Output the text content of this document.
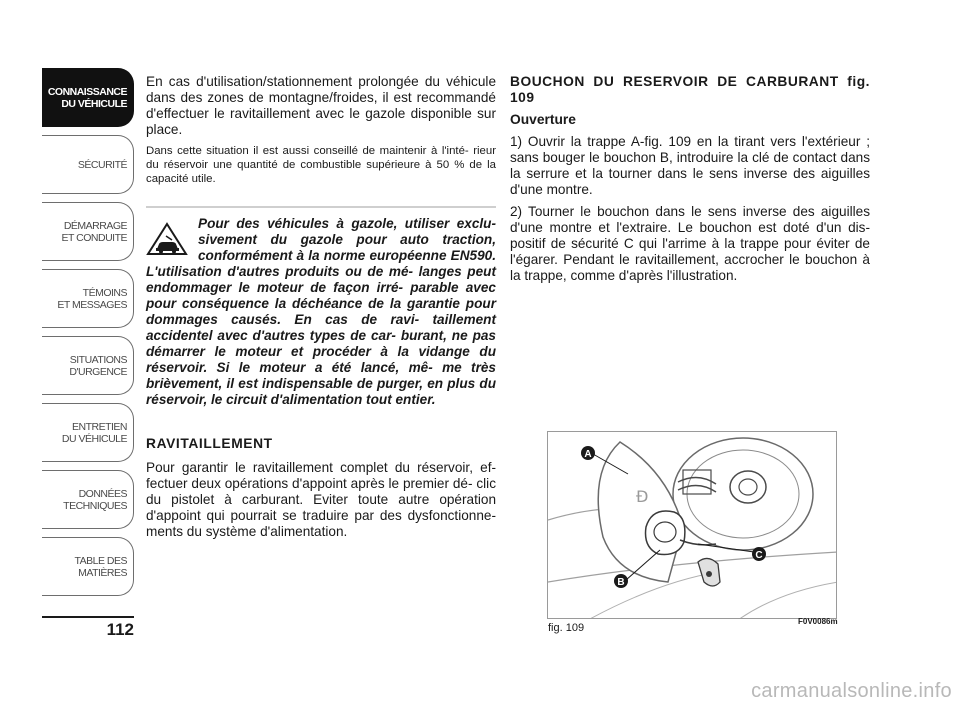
CONNAISSANCE
DU VÉHICULE
SÉCURITÉ
DÉMARRAGE
ET CONDUITE
TÉMOINS
ET MESSAGES
SITUATIONS
D'URGENCE
ENTRETIEN
DU VÉHICULE
DONNÉES
TECHNIQUES
TABLE DES
MATIÈRES
112

En cas d'utilisation/stationnement prolongée du véhicule dans des zones de montagne/froides, il est recommandé d'effectuer le ravitaillement avec le gazole disponible sur place.

Dans cette situation il est aussi conseillé de maintenir à l'inté- rieur du réservoir une quantité de combustible supérieure à 50 % de la capacité utile.

Pour des véhicules à gazole, utiliser exclu- sivement du gazole pour auto traction, conformément à la norme européenne EN590. L'utilisation d'autres produits ou de mé- langes peut endommager le moteur de façon irré- parable avec pour conséquence la déchéance de la garantie pour dommages causés. En cas de ravi- taillement accidentel avec d'autres types de car- burant, ne pas démarrer le moteur et procéder à la vidange du réservoir. Si le moteur a été lancé, mê- me très brièvement, il est indispensable de purger, en plus du réservoir, le circuit d'alimentation tout entier.

RAVITAILLEMENT

Pour garantir le ravitaillement complet du réservoir, ef- fectuer deux opérations d'appoint après le premier dé- clic du pistolet à carburant. Eviter toute autre opération d'appoint qui pourrait se traduire par des dysfonctionne- ments du système d'alimentation.

BOUCHON DU RESERVOIR DE CARBURANT fig. 109

Ouverture

1) Ouvrir la trappe A-fig. 109 en la tirant vers l'extérieur ; sans bouger le bouchon B, introduire la clé de contact dans la serrure et la tourner dans le sens inverse des aiguilles d'une montre.

2) Tourner le bouchon dans le sens inverse des aiguilles d'une montre et l'extraire. Le bouchon est doté d'un dis- positif de sécurité C qui l'arrime à la trappe pour éviter de l'égarer. Pendant le ravitaillement, accrocher le bouchon à la trappe, comme d'après l'illustration.

Ð
A
B
C
fig. 109
F0V0086m
carmanualsonline.info
